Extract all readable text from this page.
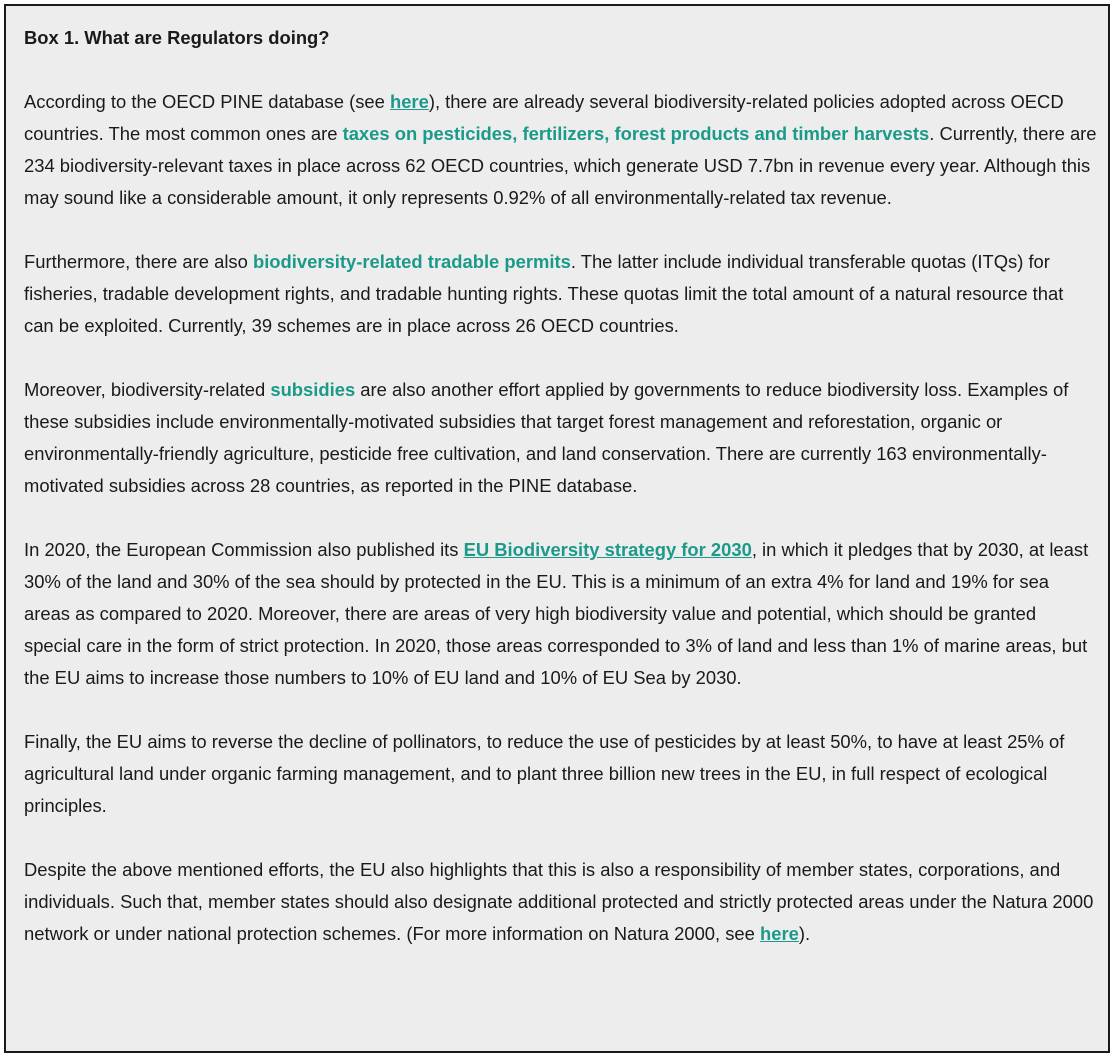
Box 1. What are Regulators doing?

According to the OECD PINE database (see here), there are already several biodiversity-related policies adopted across OECD countries. The most common ones are taxes on pesticides, fertilizers, forest products and timber harvests. Currently, there are 234 biodiversity-relevant taxes in place across 62 OECD countries, which generate USD 7.7bn in revenue every year. Although this may sound like a considerable amount, it only represents 0.92% of all environmentally-related tax revenue.

Furthermore, there are also biodiversity-related tradable permits. The latter include individual transferable quotas (ITQs) for fisheries, tradable development rights, and tradable hunting rights. These quotas limit the total amount of a natural resource that can be exploited. Currently, 39 schemes are in place across 26 OECD countries.

Moreover, biodiversity-related subsidies are also another effort applied by governments to reduce biodiversity loss. Examples of these subsidies include environmentally-motivated subsidies that target forest management and reforestation, organic or environmentally-friendly agriculture, pesticide free cultivation, and land conservation. There are currently 163 environmentally-motivated subsidies across 28 countries, as reported in the PINE database.

In 2020, the European Commission also published its EU Biodiversity strategy for 2030, in which it pledges that by 2030, at least 30% of the land and 30% of the sea should by protected in the EU. This is a minimum of an extra 4% for land and 19% for sea areas as compared to 2020. Moreover, there are areas of very high biodiversity value and potential, which should be granted special care in the form of strict protection. In 2020, those areas corresponded to 3% of land and less than 1% of marine areas, but the EU aims to increase those numbers to 10% of EU land and 10% of EU Sea by 2030.

Finally, the EU aims to reverse the decline of pollinators, to reduce the use of pesticides by at least 50%, to have at least 25% of agricultural land under organic farming management, and to plant three billion new trees in the EU, in full respect of ecological principles.

Despite the above mentioned efforts, the EU also highlights that this is also a responsibility of member states, corporations, and individuals. Such that, member states should also designate additional protected and strictly protected areas under the Natura 2000 network or under national protection schemes. (For more information on Natura 2000, see here).
